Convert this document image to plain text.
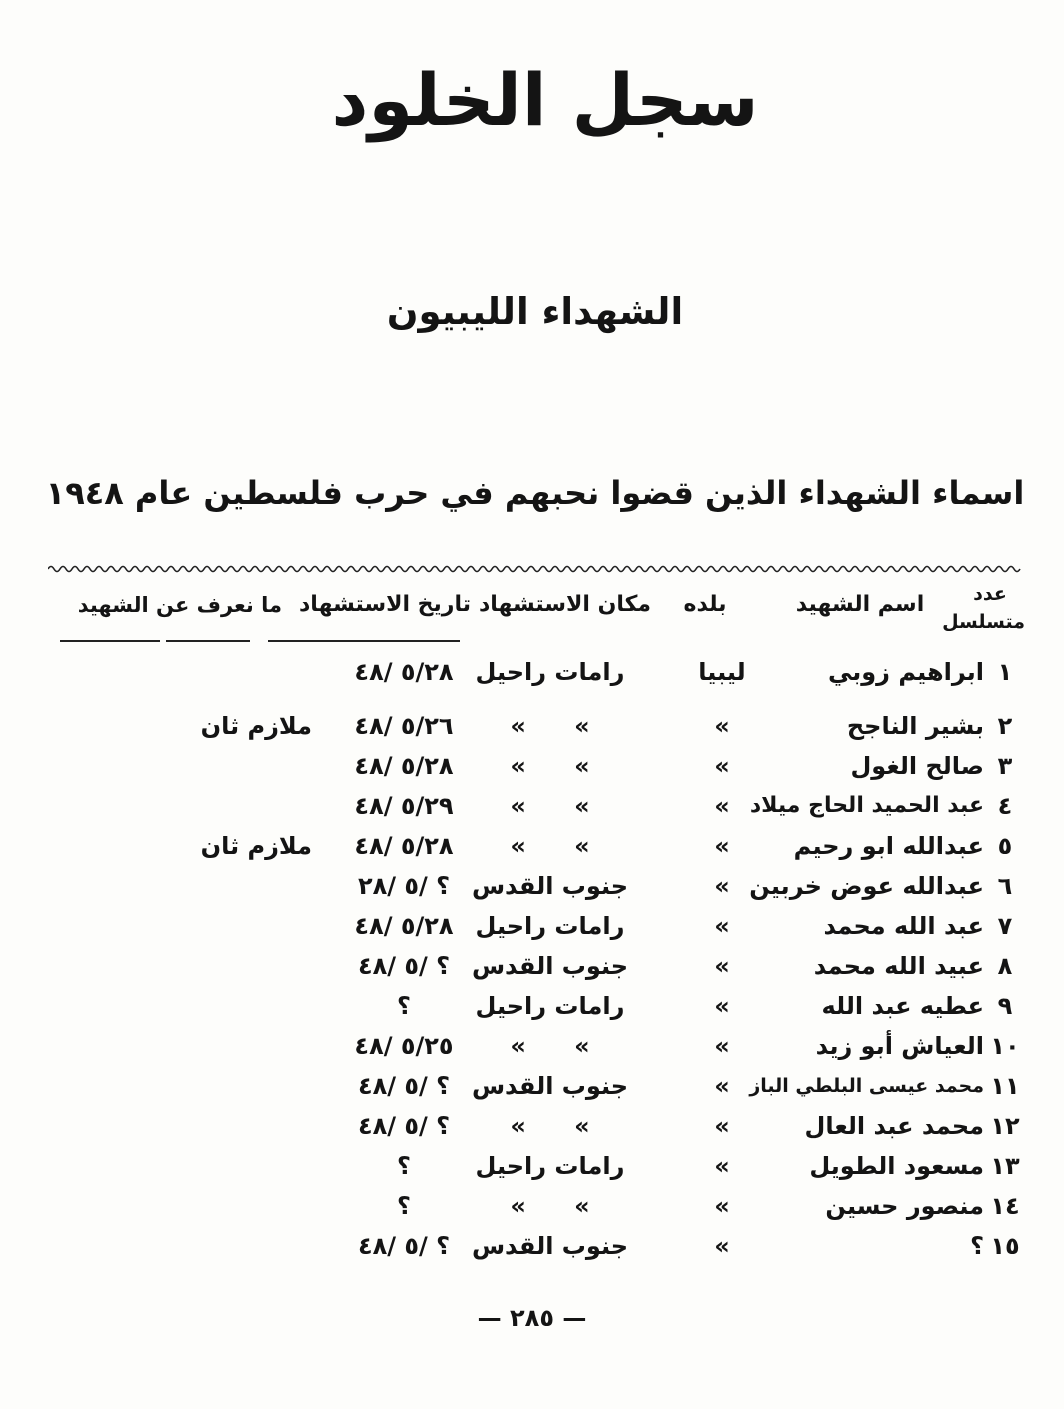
سجل الخلود
الشهداء الليبيون
اسماء الشهداء الذين قضوا نحبهم في حرب فلسطين عام ١٩٤٨
عدد
متسلسل
اسم الشهيد
بلده
مكان الاستشهاد
تاريخ الاستشهاد
ما نعرف عن الشهيد
١
ابراهيم زوبي
ليبيا
رامات راحيل
٤٨/ ٥/٢٨
٢
بشير الناجح
»
» »
٤٨/ ٥/٢٦
ملازم ثان
٣
صالح الغول
»
» »
٤٨/ ٥/٢٨
٤
عبد الحميد الحاج ميلاد
»
» »
٤٨/ ٥/٢٩
٥
عبدالله ابو رحيم
»
» »
٤٨/ ٥/٢٨
ملازم ثان
٦
عبدالله عوض خربين
»
جنوب القدس
٢٨/ ٥/ ؟
٧
عبد الله محمد
»
رامات راحيل
٤٨/ ٥/٢٨
٨
عبيد الله محمد
»
جنوب القدس
٤٨/ ٥/ ؟
٩
عطيه عبد الله
»
رامات راحيل
؟
١٠
العياش أبو زيد
»
» »
٤٨/ ٥/٢٥
١١
محمد عيسى البلطي الباز
»
جنوب القدس
٤٨/ ٥/ ؟
١٢
محمد عبد العال
»
» »
٤٨/ ٥/ ؟
١٣
مسعود الطويل
»
رامات راحيل
؟
١٤
منصور حسين
»
» »
؟
١٥
؟
»
جنوب القدس
٤٨/ ٥/ ؟
— ٢٨٥ —
